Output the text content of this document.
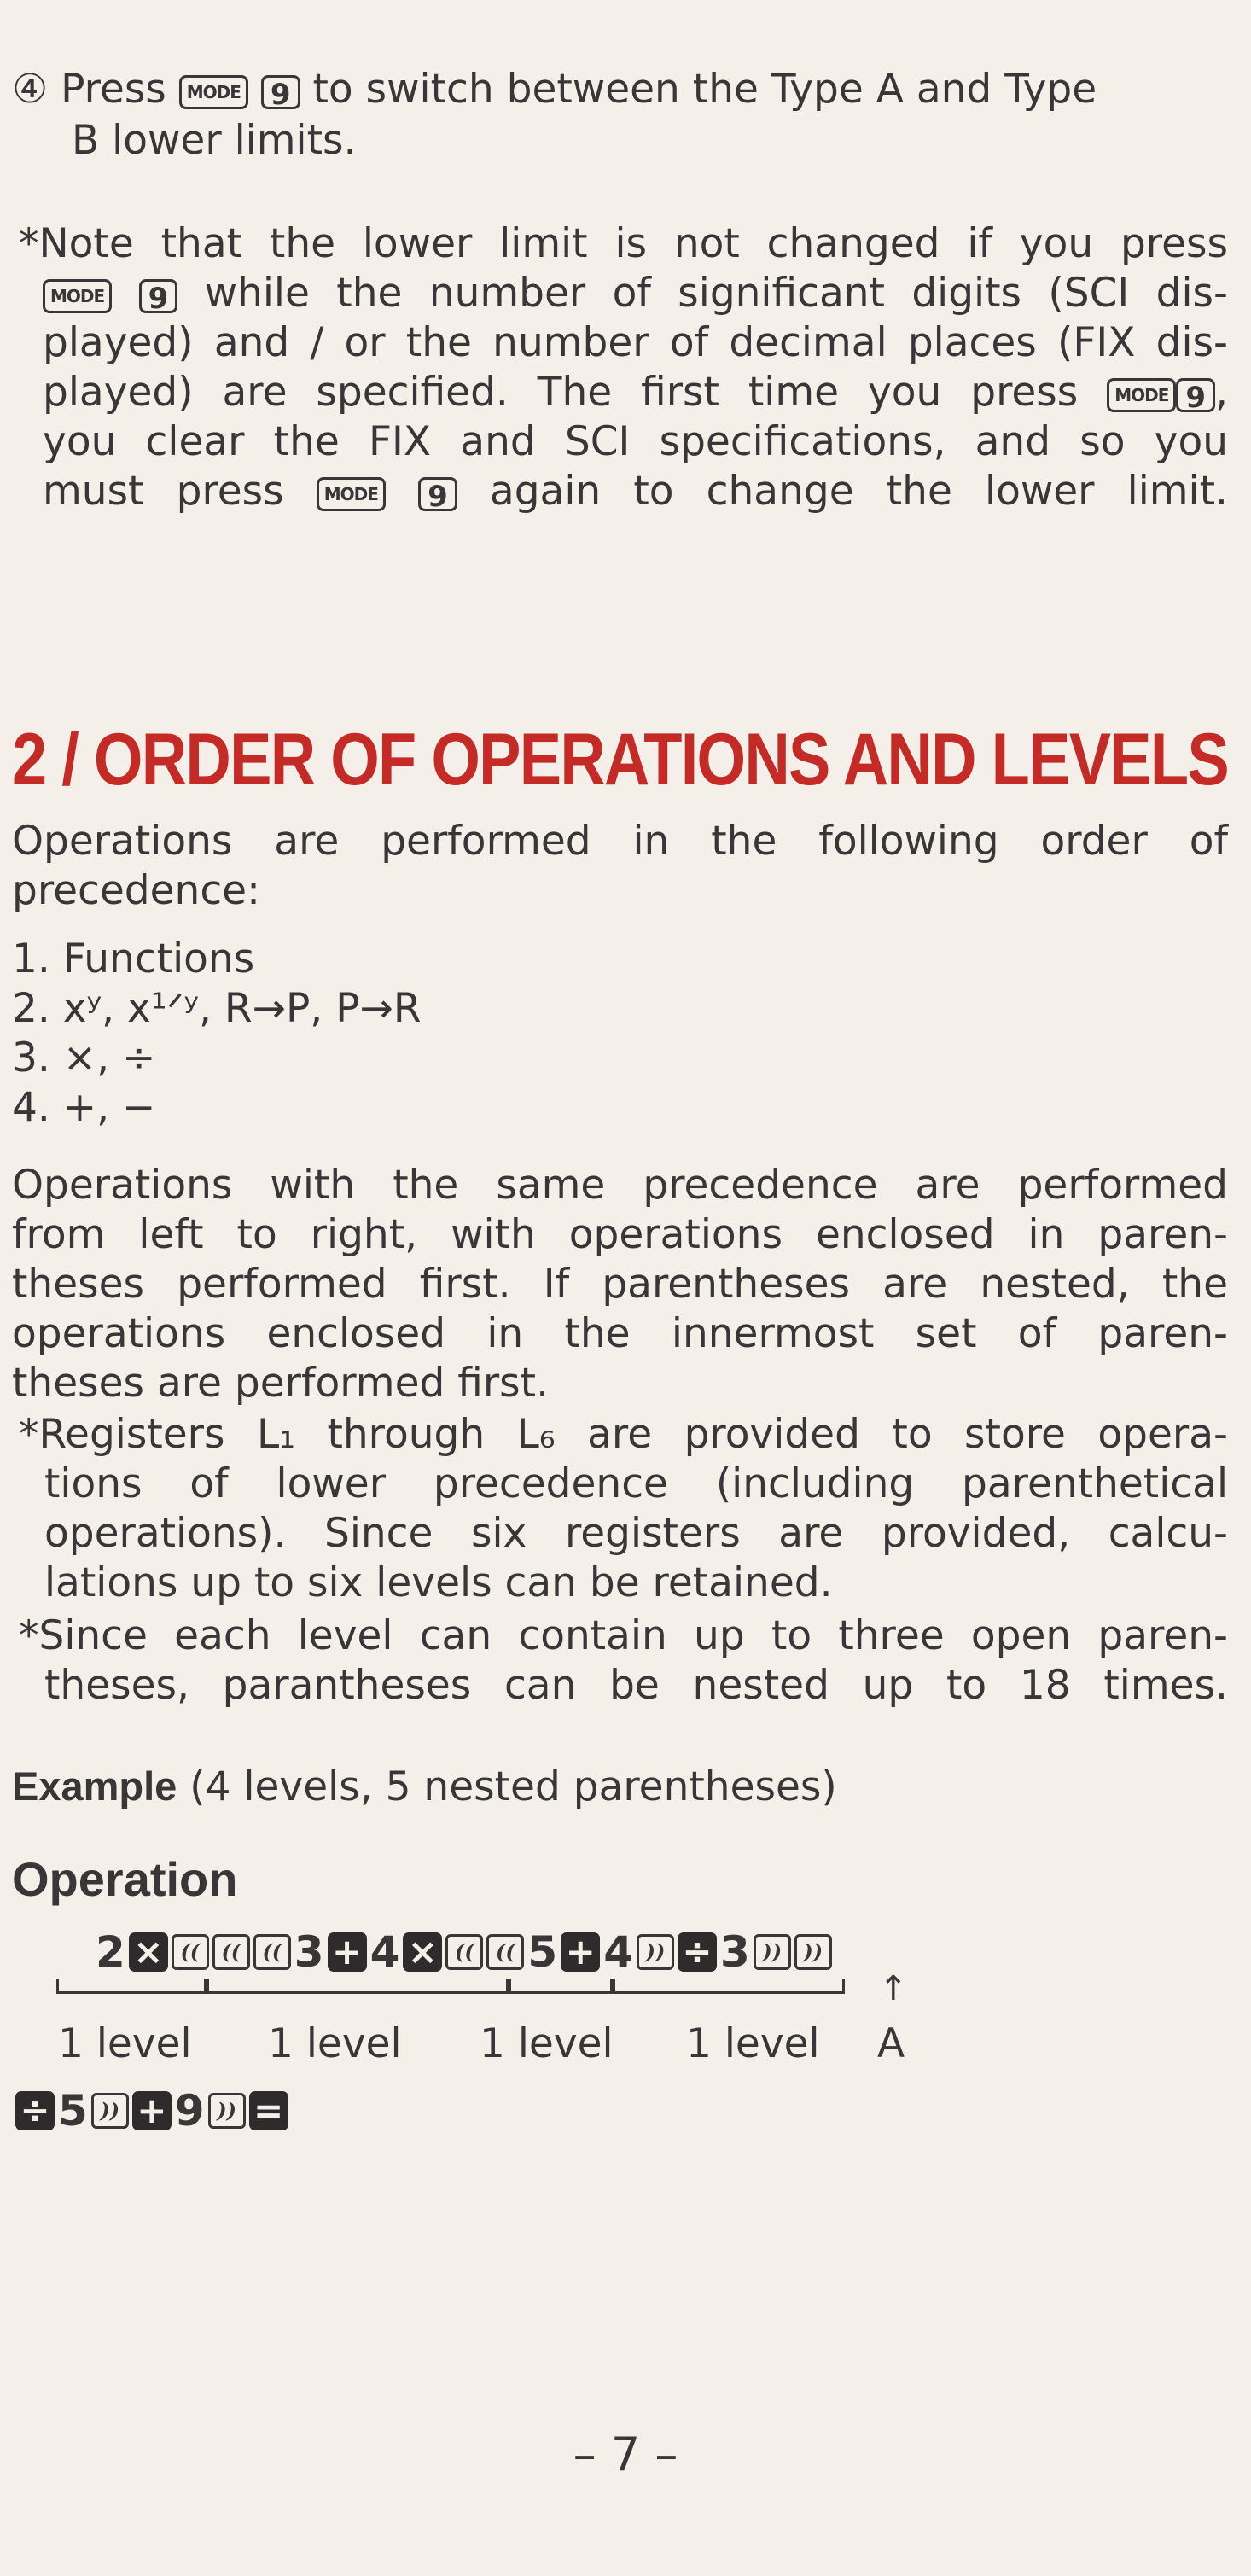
④ Press MODE 9 to switch between the Type A and Type
B lower limits.
*Note that the lower limit is not changed if you press
MODE 9 while the number of significant digits (SCI dis-
played) and / or the number of decimal places (FIX dis-
played) are specified. The first time you press MODE 9 ,
you clear the FIX and SCI specifications, and so you
must press MODE 9 again to change the lower limit.
2 / ORDER OF OPERATIONS AND LEVELS
Operations are performed in the following order of
precedence:
1. Functions
2. xʸ, x¹ᐟʸ, R→P, P→R
3. ×, ÷
4. +, −
Operations with the same precedence are performed
from left to right, with operations enclosed in paren-
theses performed first. If parentheses are nested, the
operations enclosed in the innermost set of paren-
theses are performed first.
*Registers L₁ through L₆ are provided to store opera-
tions of lower precedence (including parenthetical
operations). Since six registers are provided, calcu-
lations up to six levels can be retained.
*Since each level can contain up to three open paren-
theses, parantheses can be nested up to 18 times.
Example (4 levels, 5 nested parentheses)
Operation
2 × ((	((	(( 3 + 4 × ((	(( 5 + 4 )) ÷ 3 ))	))
↑
1 level 1 level 1 level 1 level A
÷ 5 )) + 9 )) =
– 7 –
